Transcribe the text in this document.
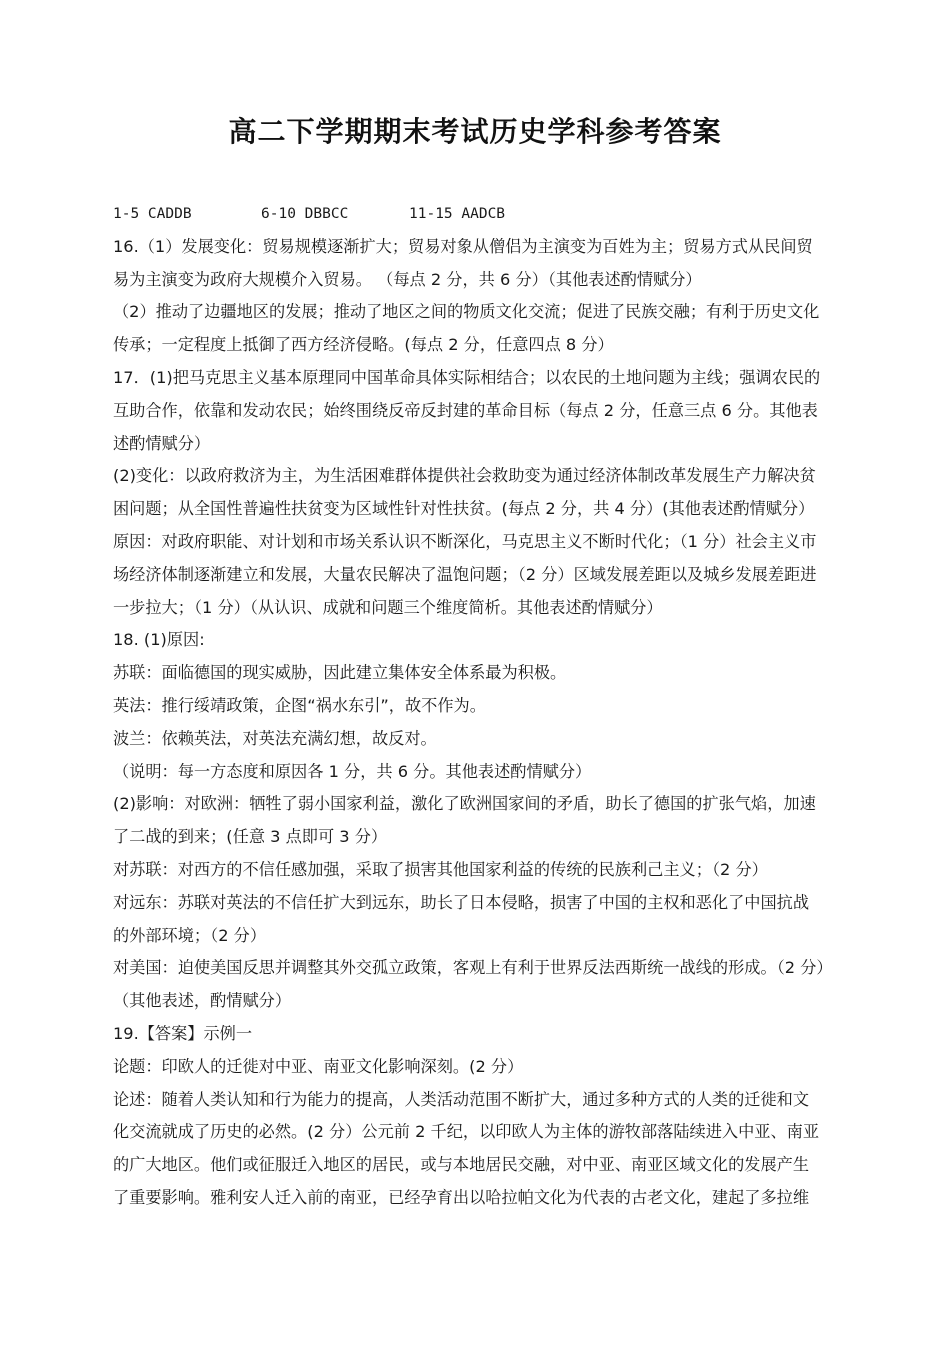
高二下学期期末考试历史学科参考答案
1-5 CADDB	6-10 DBBCC	11-15 AADCB
16.（1）发展变化：贸易规模逐渐扩大；贸易对象从僧侣为主演变为百姓为主；贸易方式从民间贸
易为主演变为政府大规模介入贸易。 （每点 2 分，共 6 分）（其他表述酌情赋分）
（2）推动了边疆地区的发展；推动了地区之间的物质文化交流；促进了民族交融；有利于历史文化
传承；一定程度上抵御了西方经济侵略。(每点 2 分，任意四点 8 分）
17．(1)把马克思主义基本原理同中国革命具体实际相结合；以农民的土地问题为主线；强调农民的
互助合作，依靠和发动农民；始终围绕反帝反封建的革命目标（每点 2 分，任意三点 6 分。其他表
述酌情赋分）
(2)变化：以政府救济为主，为生活困难群体提供社会救助变为通过经济体制改革发展生产力解决贫
困问题；从全国性普遍性扶贫变为区域性针对性扶贫。(每点 2 分，共 4 分）(其他表述酌情赋分）
原因：对政府职能、对计划和市场关系认识不断深化，马克思主义不断时代化；（1 分）社会主义市
场经济体制逐渐建立和发展，大量农民解决了温饱问题；（2 分）区域发展差距以及城乡发展差距进
一步拉大；（1 分）（从认识、成就和问题三个维度简析。其他表述酌情赋分）
18. (1)原因:
苏联：面临德国的现实威胁，因此建立集体安全体系最为积极。
英法：推行绥靖政策，企图“祸水东引”，故不作为。
波兰：依赖英法，对英法充满幻想，故反对。
（说明：每一方态度和原因各 1 分，共 6 分。其他表述酌情赋分）
(2)影响：对欧洲：牺牲了弱小国家利益，激化了欧洲国家间的矛盾，助长了德国的扩张气焰，加速
了二战的到来；(任意 3 点即可 3 分）
对苏联：对西方的不信任感加强，采取了损害其他国家利益的传统的民族利己主义；（2 分）
对远东：苏联对英法的不信任扩大到远东，助长了日本侵略，损害了中国的主权和恶化了中国抗战
的外部环境；（2 分）
对美国：迫使美国反思并调整其外交孤立政策，客观上有利于世界反法西斯统一战线的形成。（2 分）
（其他表述，酌情赋分）
19.【答案】示例一
论题：印欧人的迁徙对中亚、南亚文化影响深刻。(2 分）
论述：随着人类认知和行为能力的提高，人类活动范围不断扩大，通过多种方式的人类的迁徙和文
化交流就成了历史的必然。(2 分）公元前 2 千纪，以印欧人为主体的游牧部落陆续进入中亚、南亚
的广大地区。他们或征服迁入地区的居民，或与本地居民交融，对中亚、南亚区域文化的发展产生
了重要影响。雅利安人迁入前的南亚，已经孕育出以哈拉帕文化为代表的古老文化，建起了多拉维
